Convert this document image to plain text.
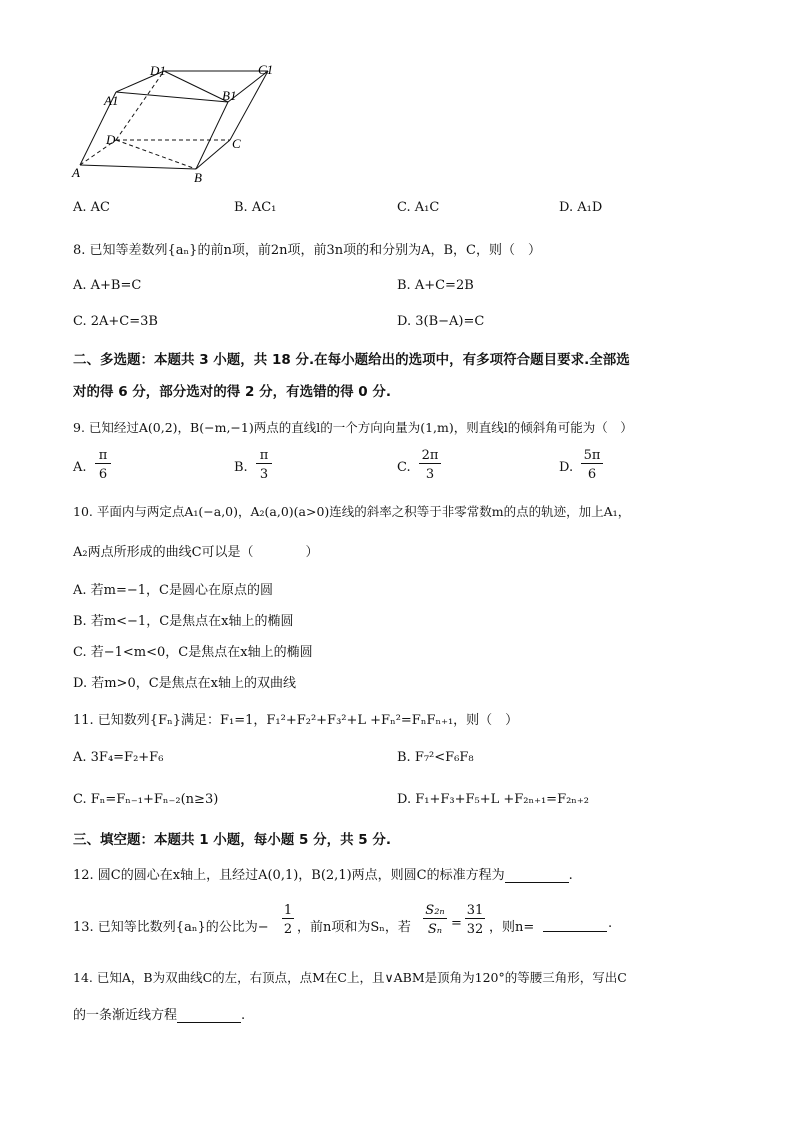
D1	C1
A1	B1
D	C
A	B
A. AC	B. AC₁	C. A₁C	D. A₁D
8. 已知等差数列{aₙ}的前n项，前2n项，前3n项的和分别为A，B，C，则（　）
A. A+B=C	B. A+C=2B
C. 2A+C=3B	D. 3(B−A)=C
二、多选题：本题共 3 小题，共 18 分.在每小题给出的选项中，有多项符合题目要求.全部选
对的得 6 分，部分选对的得 2 分，有选错的得 0 分.
9. 已知经过A(0,2)，B(−m,−1)两点的直线l的一个方向向量为(1,m)，则直线l的倾斜角可能为（　）
A.
π
6	B.
π
3	C.
2π
3	D.
5π
6
10. 平面内与两定点A₁(−a,0)，A₂(a,0)(a>0)连线的斜率之积等于非零常数m的点的轨迹，加上A₁，
A₂两点所形成的曲线C可以是（　　　　）
A. 若m=−1，C是圆心在原点的圆
B. 若m<−1，C是焦点在x轴上的椭圆
C. 若−1<m<0，C是焦点在x轴上的椭圆
D. 若m>0，C是焦点在x轴上的双曲线
11. 已知数列{Fₙ}满足：F₁=1，F₁²+F₂²+F₃²+L +Fₙ²=FₙFₙ₊₁，则（　）
A. 3F₄=F₂+F₆	B. F₇²<F₆F₈
C. Fₙ=Fₙ₋₁+Fₙ₋₂(n≥3)	D. F₁+F₃+F₅+L +F₂ₙ₊₁=F₂ₙ₊₂
三、填空题：本题共 1 小题，每小题 5 分，共 5 分.
12. 圆C的圆心在x轴上，且经过A(0,1)，B(2,1)两点，则圆C的标准方程为	.
13. 已知等比数列{aₙ}的公比为−
1
2 ，前n项和为Sₙ，若
S₂ₙ
Sₙ =
31
32 ，则n=	.
14. 已知A，B为双曲线C的左，右顶点，点M在C上，且∨ABM是顶角为120°的等腰三角形，写出C
的一条渐近线方程	.
